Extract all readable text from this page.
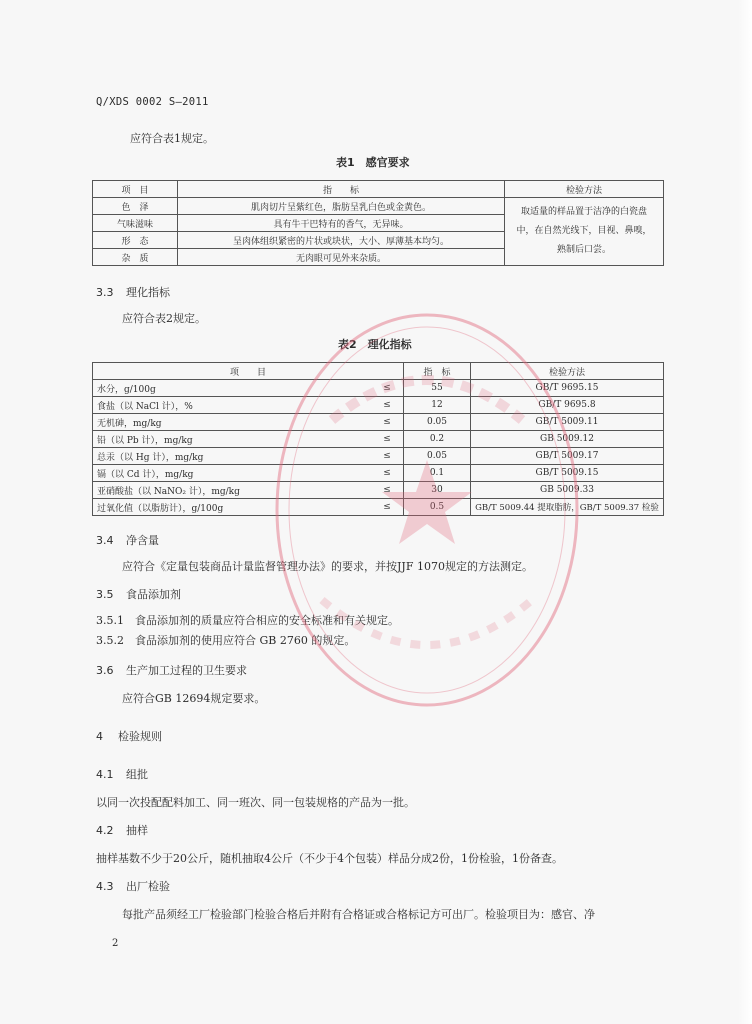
Q/XDS 0002 S—2011
应符合表1规定。
表1　感官要求
项　目	指　　标	检验方法
色　泽	肌肉切片呈紫红色，脂肪呈乳白色或金黄色。	取适量的样品置于洁净的白瓷盘中，在自然光线下，目视、鼻嗅，熟制后口尝。
气味滋味	具有牛干巴特有的香气，无异味。	
形　态	呈肉体组织紧密的片状或块状，大小、厚薄基本均匀。	
杂　质	无肉眼可见外来杂质。	
3.3 理化指标
应符合表2规定。
表2　理化指标
项　　目		指　标	检验方法
水分，g/100g	≤	55	GB/T 9695.15
食盐（以 NaCl 计），%	≤	12	GB/T 9695.8
无机砷，mg/kg	≤	0.05	GB/T 5009.11
铅（以 Pb 计），mg/kg	≤	0.2	GB 5009.12
总汞（以 Hg 计），mg/kg	≤	0.05	GB/T 5009.17
镉（以 Cd 计），mg/kg	≤	0.1	GB/T 5009.15
亚硝酸盐（以 NaNO₂ 计），mg/kg	≤	30	GB 5009.33
过氧化值（以脂肪计），g/100g	≤	0.5	GB/T 5009.44 提取脂肪，GB/T 5009.37 检验
3.4 净含量
应符合《定量包装商品计量监督管理办法》的要求，并按JJF 1070规定的方法测定。
3.5 食品添加剂
3.5.1　食品添加剂的质量应符合相应的安全标准和有关规定。
3.5.2　食品添加剂的使用应符合 GB 2760 的规定。
3.6 生产加工过程的卫生要求
应符合GB 12694规定要求。
4 检验规则
4.1 组批
以同一次投配配料加工、同一班次、同一包装规格的产品为一批。
4.2 抽样
抽样基数不少于20公斤，随机抽取4公斤（不少于4个包装）样品分成2份，1份检验，1份备查。
4.3 出厂检验
每批产品须经工厂检验部门检验合格后并附有合格证或合格标记方可出厂。检验项目为：感官、净
2
